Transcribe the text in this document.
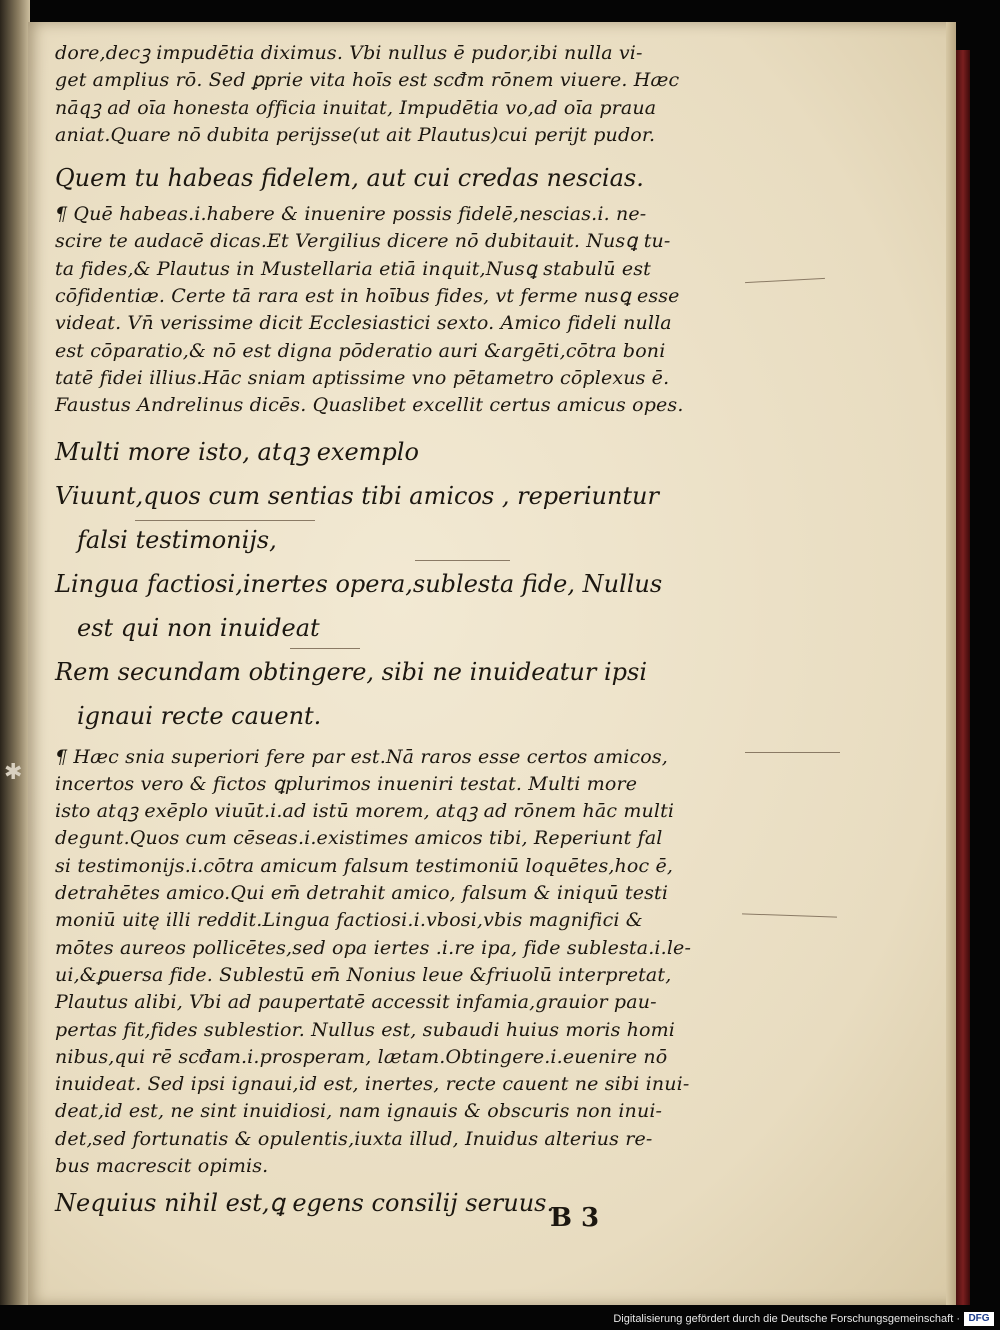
✱
dore,decꝫ impudētia diximus. Vbi nullus ē pudor,ibi nulla vi-
get amplius rō. Sed ꝑprie vita hoīs est scđm rōnem viuere. Hæc
nāqꝫ ad oīa honesta officia inuitat, Impudētia vo,ad oīa praua
aniat.Quare nō dubita perijsse(ut ait Plautus)cui perijt pudor.
Quem tu habeas fidelem, aut cui credas nescias.
¶ Quē habeas.i.habere & inuenire possis fidelē,nescias.i. ne-
scire te audacē dicas.Et Vergilius dicere nō dubitauit. Nusꝗ tu-
ta fides,& Plautus in Mustellaria etiā inquit,Nusꝗ stabulū est
cōfidentiæ. Certe tā rara est in hoībus fides, vt ferme nusꝗ esse
videat. Vn̄ verissime dicit Ecclesiastici sexto. Amico fideli nulla
est cōparatio,& nō est digna pōderatio auri &argēti,cōtra boni
tatē fidei illius.Hāc sniam aptissime vno pētametro cōplexus ē.
Faustus Andrelinus dicēs. Quaslibet excellit certus amicus opes.
Multi more isto, atqꝫ exemplo
Viuunt,quos cum sentias tibi amicos , reperiuntur
falsi testimonijs,
Lingua factiosi,inertes opera,sublesta fide, Nullus
est qui non inuideat
Rem secundam obtingere, sibi ne inuideatur ipsi
ignaui recte cauent.
¶ Hæc snia superiori fere par est.Nā raros esse certos amicos,
incertos vero & fictos ꝗplurimos inueniri testat. Multi more
isto atqꝫ exēplo viuūt.i.ad istū morem, atqꝫ ad rōnem hāc multi
degunt.Quos cum cēseas.i.existimes amicos tibi, Reperiunt fal
si testimonijs.i.cōtra amicum falsum testimoniū loquētes,hoc ē,
detrahētes amico.Qui em̄ detrahit amico, falsum & iniquū testi
moniū uitę illi reddit.Lingua factiosi.i.vbosi,vbis magnifici &
mōtes aureos pollicētes,sed opa iertes .i.re ipa, fide sublesta.i.le-
ui,&ꝑuersa fide. Sublestū em̄ Nonius leue &friuolū interpretat,
Plautus alibi, Vbi ad paupertatē accessit infamia,grauior pau-
pertas fit,fides sublestior. Nullus est, subaudi huius moris homi
nibus,qui rē scđam.i.prosperam, lætam.Obtingere.i.euenire nō
inuideat. Sed ipsi ignaui,id est, inertes, recte cauent ne sibi inui-
deat,id est, ne sint inuidiosi, nam ignauis & obscuris non inui-
det,sed fortunatis & opulentis,iuxta illud, Inuidus alterius re-
bus macrescit opimis.
Nequius nihil est,ꝗ egens consilij seruus.
B 3
Digitalisierung gefördert durch die Deutsche Forschungsgemeinschaft · DFG
